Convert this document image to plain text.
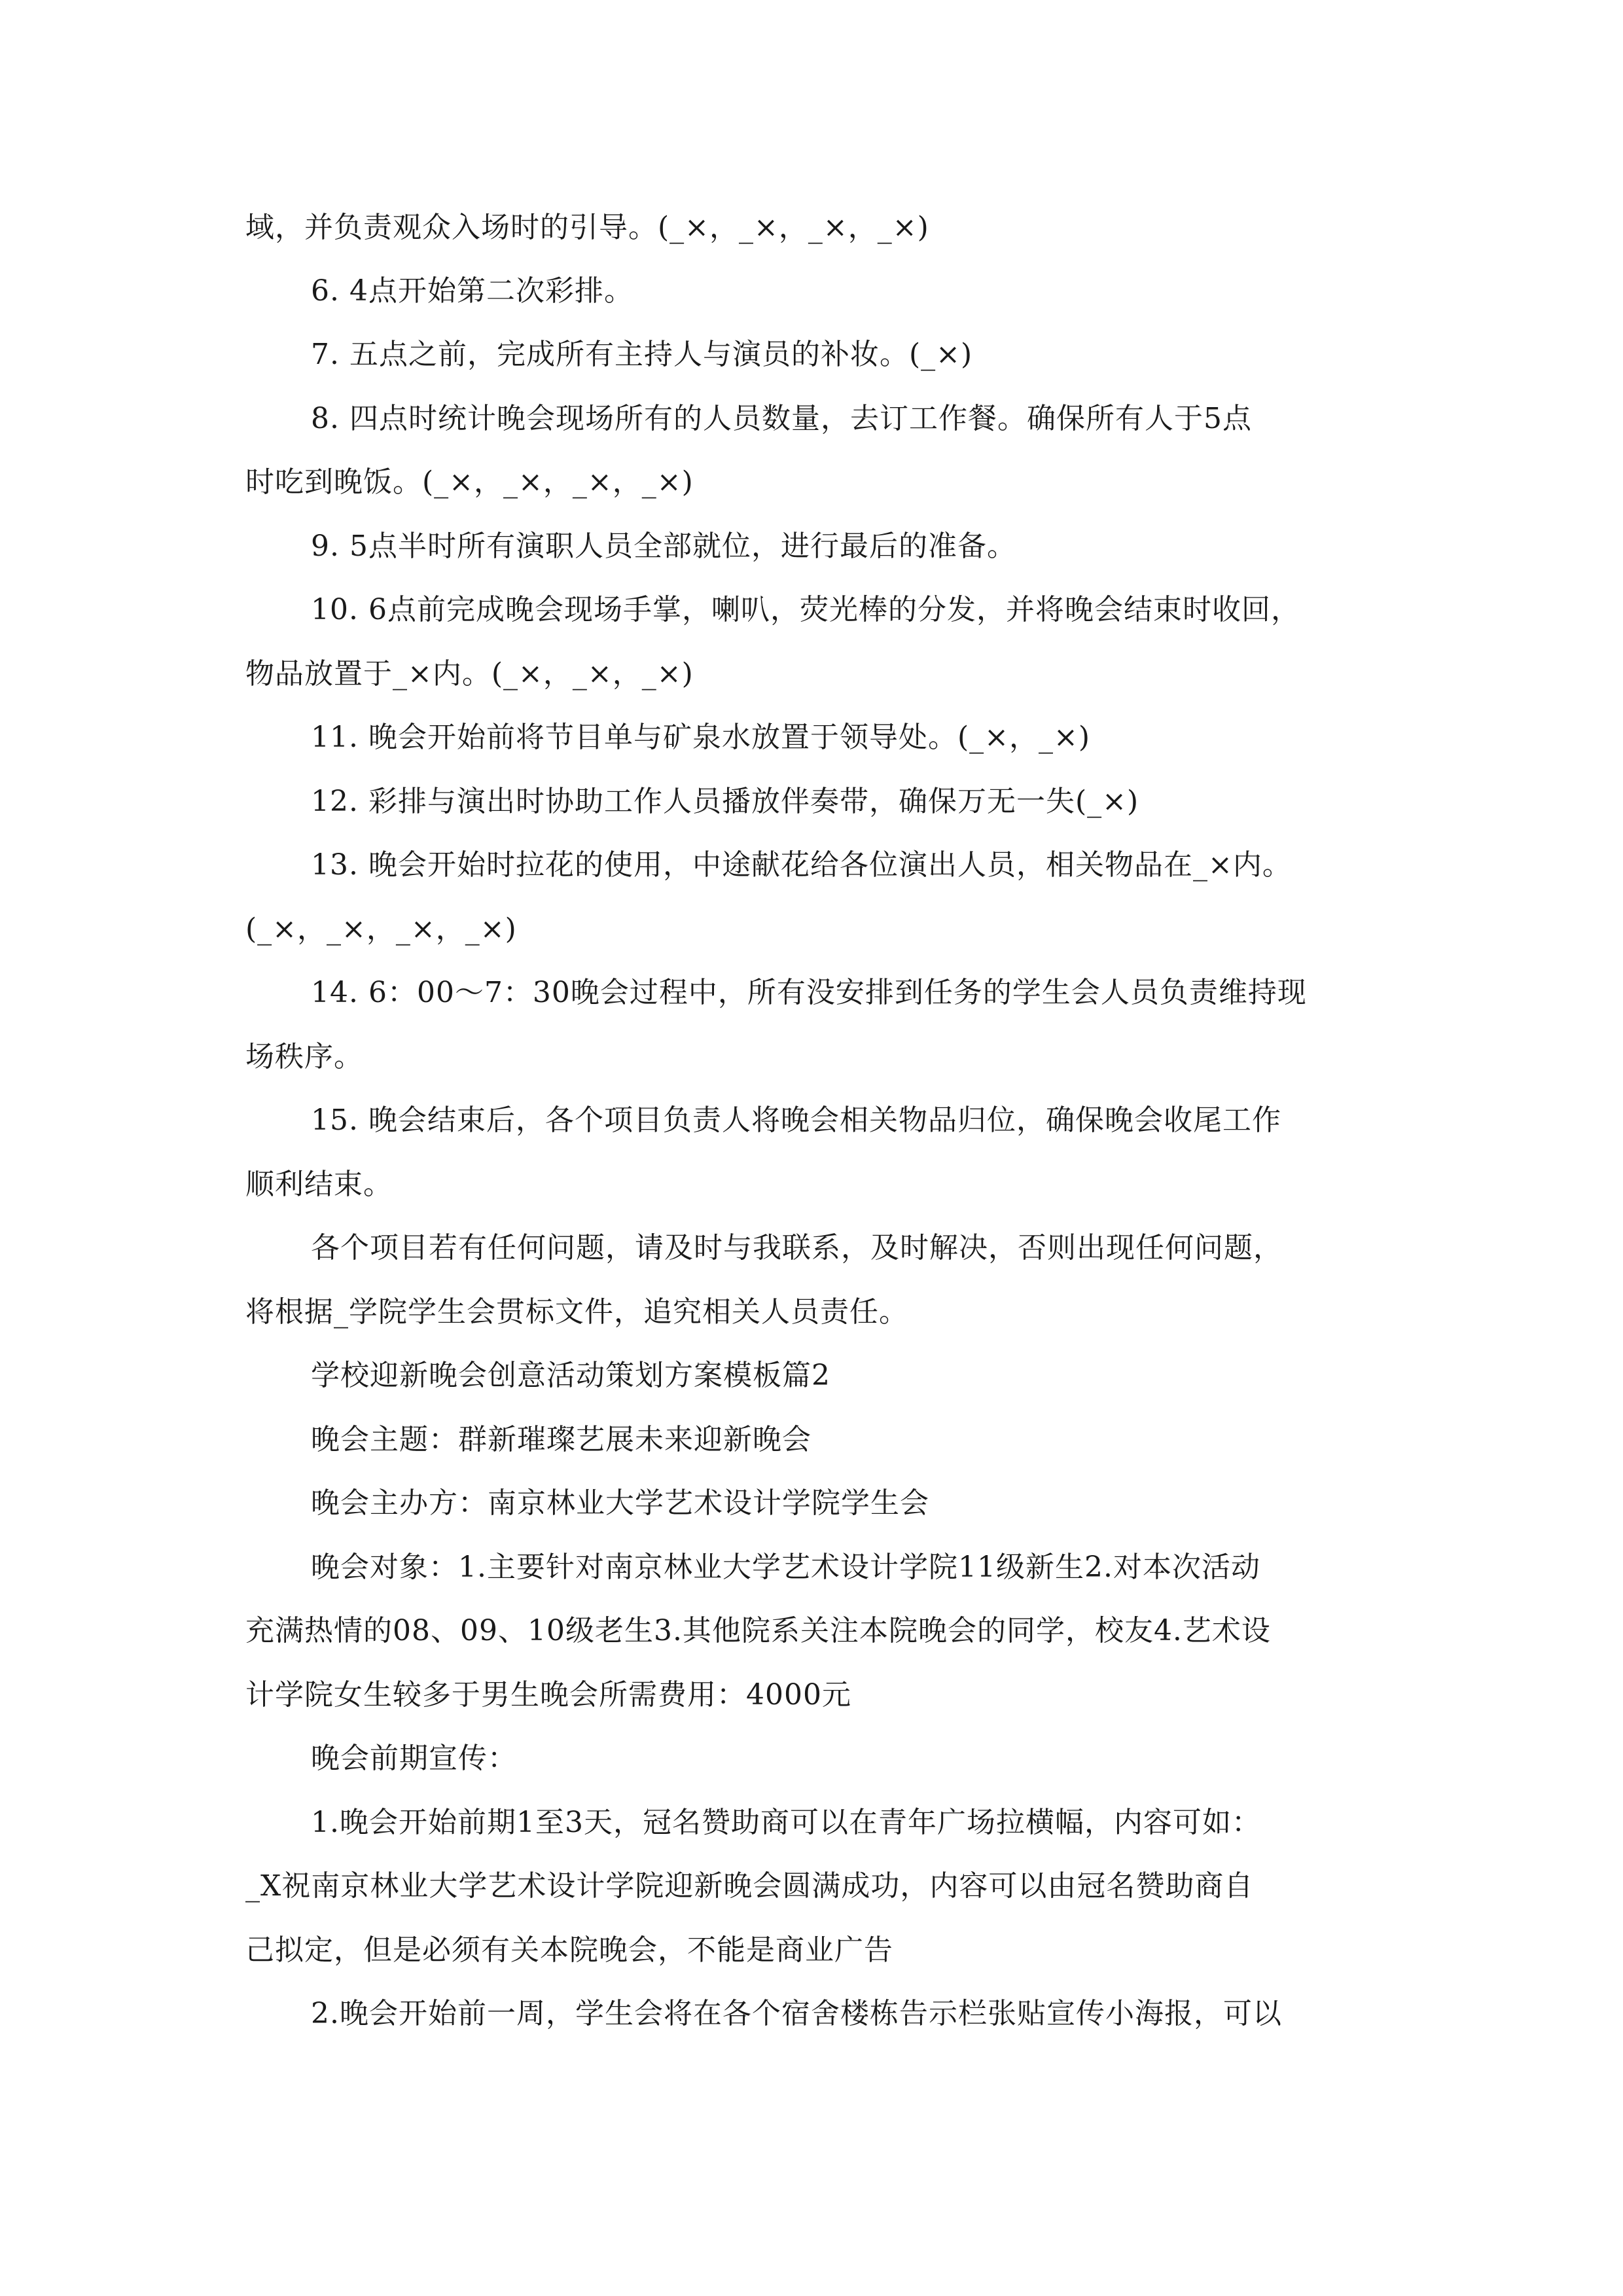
域，并负责观众入场时的引导。(_×，_×，_×，_×)
6. 4点开始第二次彩排。
7. 五点之前，完成所有主持人与演员的补妆。(_×)
8. 四点时统计晚会现场所有的人员数量，去订工作餐。确保所有人于5点
时吃到晚饭。(_×，_×，_×，_×)
9. 5点半时所有演职人员全部就位，进行最后的准备。
10. 6点前完成晚会现场手掌，喇叭，荧光棒的分发，并将晚会结束时收回，
物品放置于_×内。(_×，_×，_×)
11. 晚会开始前将节目单与矿泉水放置于领导处。(_×，_×)
12. 彩排与演出时协助工作人员播放伴奏带，确保万无一失(_×)
13. 晚会开始时拉花的使用，中途献花给各位演出人员，相关物品在_×内。
(_×，_×，_×，_×)
14. 6：00～7：30晚会过程中，所有没安排到任务的学生会人员负责维持现
场秩序。
15. 晚会结束后，各个项目负责人将晚会相关物品归位，确保晚会收尾工作
顺利结束。
各个项目若有任何问题，请及时与我联系，及时解决，否则出现任何问题，
将根据_学院学生会贯标文件，追究相关人员责任。
学校迎新晚会创意活动策划方案模板篇2
晚会主题：群新璀璨艺展未来迎新晚会
晚会主办方：南京林业大学艺术设计学院学生会
晚会对象：1.主要针对南京林业大学艺术设计学院11级新生2.对本次活动
充满热情的08、09、10级老生3.其他院系关注本院晚会的同学，校友4.艺术设
计学院女生较多于男生晚会所需费用：4000元
晚会前期宣传：
1.晚会开始前期1至3天，冠名赞助商可以在青年广场拉横幅，内容可如：
_X祝南京林业大学艺术设计学院迎新晚会圆满成功，内容可以由冠名赞助商自
己拟定，但是必须有关本院晚会，不能是商业广告
2.晚会开始前一周，学生会将在各个宿舍楼栋告示栏张贴宣传小海报，可以
